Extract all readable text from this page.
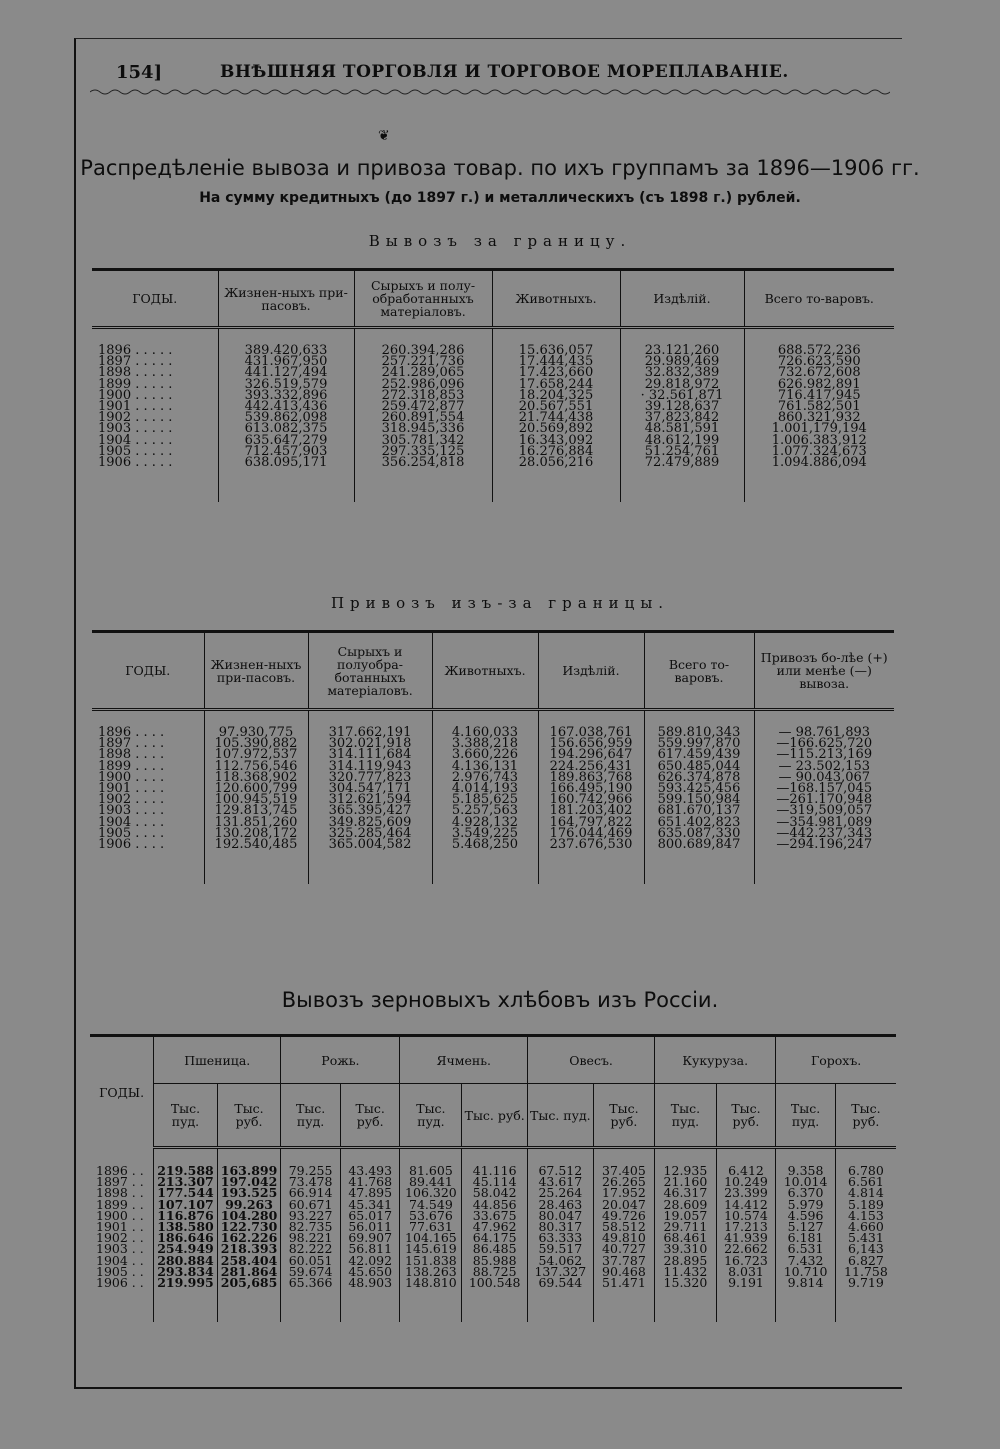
154]	ВНѢШНЯЯ ТОРГОВЛЯ И ТОРГОВОЕ МОРЕПЛАВАНІЕ.
❦
Распредѣленіе вывоза и привоза товар. по ихъ группамъ за 1896—1906 гг.
На сумму кредитныхъ (до 1897 г.) и металлическихъ (съ 1898 г.) рублей.
Вывозъ за границу.
ГОДЫ.	Жизнен-ныхъ при-пасовъ.	Сырыхъ и полу-обработанныхъ матеріаловъ.	Животныхъ.	Издѣлій.	Всего то-варовъ.

1896 . . . . .	389.420,633	260.394,286	15.636,057	23.121,260	688.572,236
1897 . . . . .	431.967,950	257.221,736	17.444,435	29.989,469	726.623,590
1898 . . . . .	441.127,494	241.289,065	17.423,660	32.832,389	732.672,608
1899 . . . . .	326.519,579	252.986,096	17.658,244	29.818,972	626.982,891
1900 . . . . .	393.332,896	272.318,853	18.204,325	· 32.561,871	716.417,945
1901 . . . . .	442.413,436	259.472,877	20.567,551	39.128,637	761.582,501
1902 . . . . .	539.862,098	260.891,554	21.744,438	37,823,842	860.321,932
1903 . . . . .	613.082,375	318.945,336	20.569,892	48.581,591	1.001,179,194
1904 . . . . .	635.647,279	305.781,342	16.343,092	48.612,199	1.006.383,912
1905 . . . . .	712.457,903	297.335,125	16.276,884	51.254,761	1.077.324,673
1906 . . . . .	638.095,171	356.254,818	28.056,216	72.479,889	1.094.886,094

Привозъ изъ-за границы.
ГОДЫ.	Жизнен-ныхъ при-пасовъ.	Сырыхъ и полуобра-ботанныхъ матеріаловъ.	Животныхъ.	Издѣлій.	Всего то-варовъ.	Привозъ бо-лѣе (+) или менѣе (—) вывоза.

1896 . . . .	97.930,775	317.662,191	4.160,033	167.038,761	589.810,343	— 98.761,893
1897 . . . .	105.390,882	302.021,918	3.388,218	156.656,959	559.997,870	—166.625,720
1898 . . . .	107.972,537	314.111,684	3.660,226	194.296,647	617.459,439	—115.213,169
1899 . . . .	112.756,546	314.119,943	4.136,131	224.256,431	650.485,044	— 23.502,153
1900 . . . .	118.368,902	320.777,823	2.976,743	189.863,768	626.374,878	— 90.043,067
1901 . . . .	120.600,799	304.547,171	4.014,193	166.495,190	593.425,456	—168.157,045
1902 . . . .	100.945,519	312.621,594	5.185,625	160.742,966	599.150,984	—261.170,948
1903 . . . .	129.813,745	365.395,427	5.257,563	181.203,402	681.670,137	—319,509,057
1904 . . . .	131.851,260	349.825,609	4.928,132	164,797,822	651.402,823	—354.981,089
1905 . . . .	130.208,172	325.285,464	3.549,225	176.044,469	635.087,330	—442.237,343
1906 . . . .	192.540,485	365.004,582	5.468,250	237.676,530	800.689,847	—294.196,247

Вывозъ зерновыхъ хлѣбовъ изъ Россіи.
ГОДЫ.	Пшеница.		Рожь.		Ячмень.		Овесъ.		Кукуруза.		Горохъ.	
	Тыс. пуд.	Тыс. руб.	Тыс. пуд.	Тыс. руб.	Тыс. пуд.	Тыс. руб.	Тыс. пуд.	Тыс. руб.	Тыс. пуд.	Тыс. руб.	Тыс. пуд.	Тыс. руб.

1896 . .	219.588	163.899	79.255	43.493	81.605	41.116	67.512	37.405	12.935	6.412	9.358	6.780
1897 . .	213.307	197.042	73.478	41.768	89.441	45.114	43.617	26.265	21.160	10.249	10.014	6.561
1898 . .	177.544	193.525	66.914	47.895	106.320	58.042	25.264	17.952	46.317	23.399	6.370	4.814
1899 . .	107.107	99.263	60.671	45.341	74.549	44.856	28.463	20.047	28.609	14.412	5.979	5.189
1900 . .	116.876	104.280	93.227	65.017	53.676	33.675	80.047	49.726	19.057	10.574	4.596	4.153
1901 . .	138.580	122.730	82.735	56.011	77.631	47.962	80.317	58.512	29.711	17.213	5.127	4.660
1902 . .	186.646	162.226	98.221	69.907	104.165	64.175	63.333	49.810	68.461	41.939	6.181	5.431
1903 . .	254.949	218.393	82.222	56.811	145.619	86.485	59.517	40.727	39.310	22.662	6.531	6,143
1904 . .	280.884	258.404	60.051	42.092	151.838	85.988	54.062	37.787	28.895	16.723	7.432	6.827
1905 . .	293.834	281.864	59.674	45.650	138.263	88.725	137.327	90.468	11.432	8.031	10.710	11.758
1906 . .	219.995	205,685	65.366	48.903	148.810	100.548	69.544	51.471	15.320	9.191	9.814	9.719
